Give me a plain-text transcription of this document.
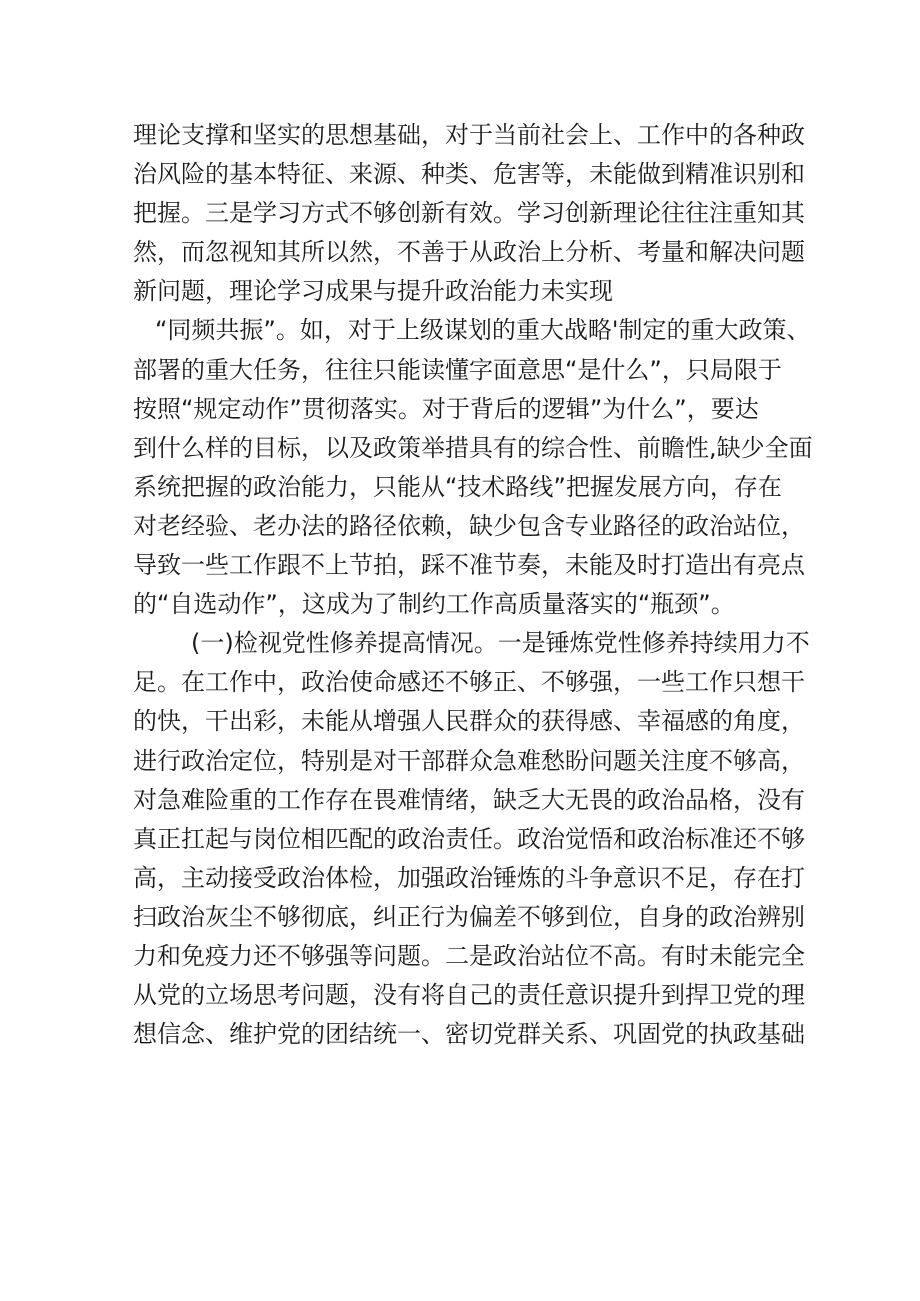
理论支撑和坚实的思想基础，对于当前社会上、工作中的各种政
治风险的基本特征、来源、种类、危害等，未能做到精准识别和
把握。三是学习方式不够创新有效。学习创新理论往往注重知其
然，而忽视知其所以然，不善于从政治上分析、考量和解决问题
新问题，理论学习成果与提升政治能力未实现
“同频共振”。如，对于上级谋划的重大战略'制定的重大政策、
部署的重大任务，往往只能读懂字面意思“是什么”，只局限于
按照“规定动作”贯彻落实。对于背后的逻辑”为什么”，要达
到什么样的目标，以及政策举措具有的综合性、前瞻性,缺少全面
系统把握的政治能力，只能从“技术路线”把握发展方向，存在
对老经验、老办法的路径依赖，缺少包含专业路径的政治站位，
导致一些工作跟不上节拍，踩不准节奏，未能及时打造出有亮点
的“自选动作”，这成为了制约工作高质量落实的“瓶颈”。
(一)检视党性修养提高情况。一是锤炼党性修养持续用力不
足。在工作中，政治使命感还不够正、不够强，一些工作只想干
的快，干出彩，未能从增强人民群众的获得感、幸福感的角度，
进行政治定位，特别是对干部群众急难愁盼问题关注度不够高，
对急难险重的工作存在畏难情绪，缺乏大无畏的政治品格，没有
真正扛起与岗位相匹配的政治责任。政治觉悟和政治标准还不够
高，主动接受政治体检，加强政治锤炼的斗争意识不足，存在打
扫政治灰尘不够彻底，纠正行为偏差不够到位，自身的政治辨别
力和免疫力还不够强等问题。二是政治站位不高。有时未能完全
从党的立场思考问题，没有将自己的责任意识提升到捍卫党的理
想信念、维护党的团结统一、密切党群关系、巩固党的执政基础
